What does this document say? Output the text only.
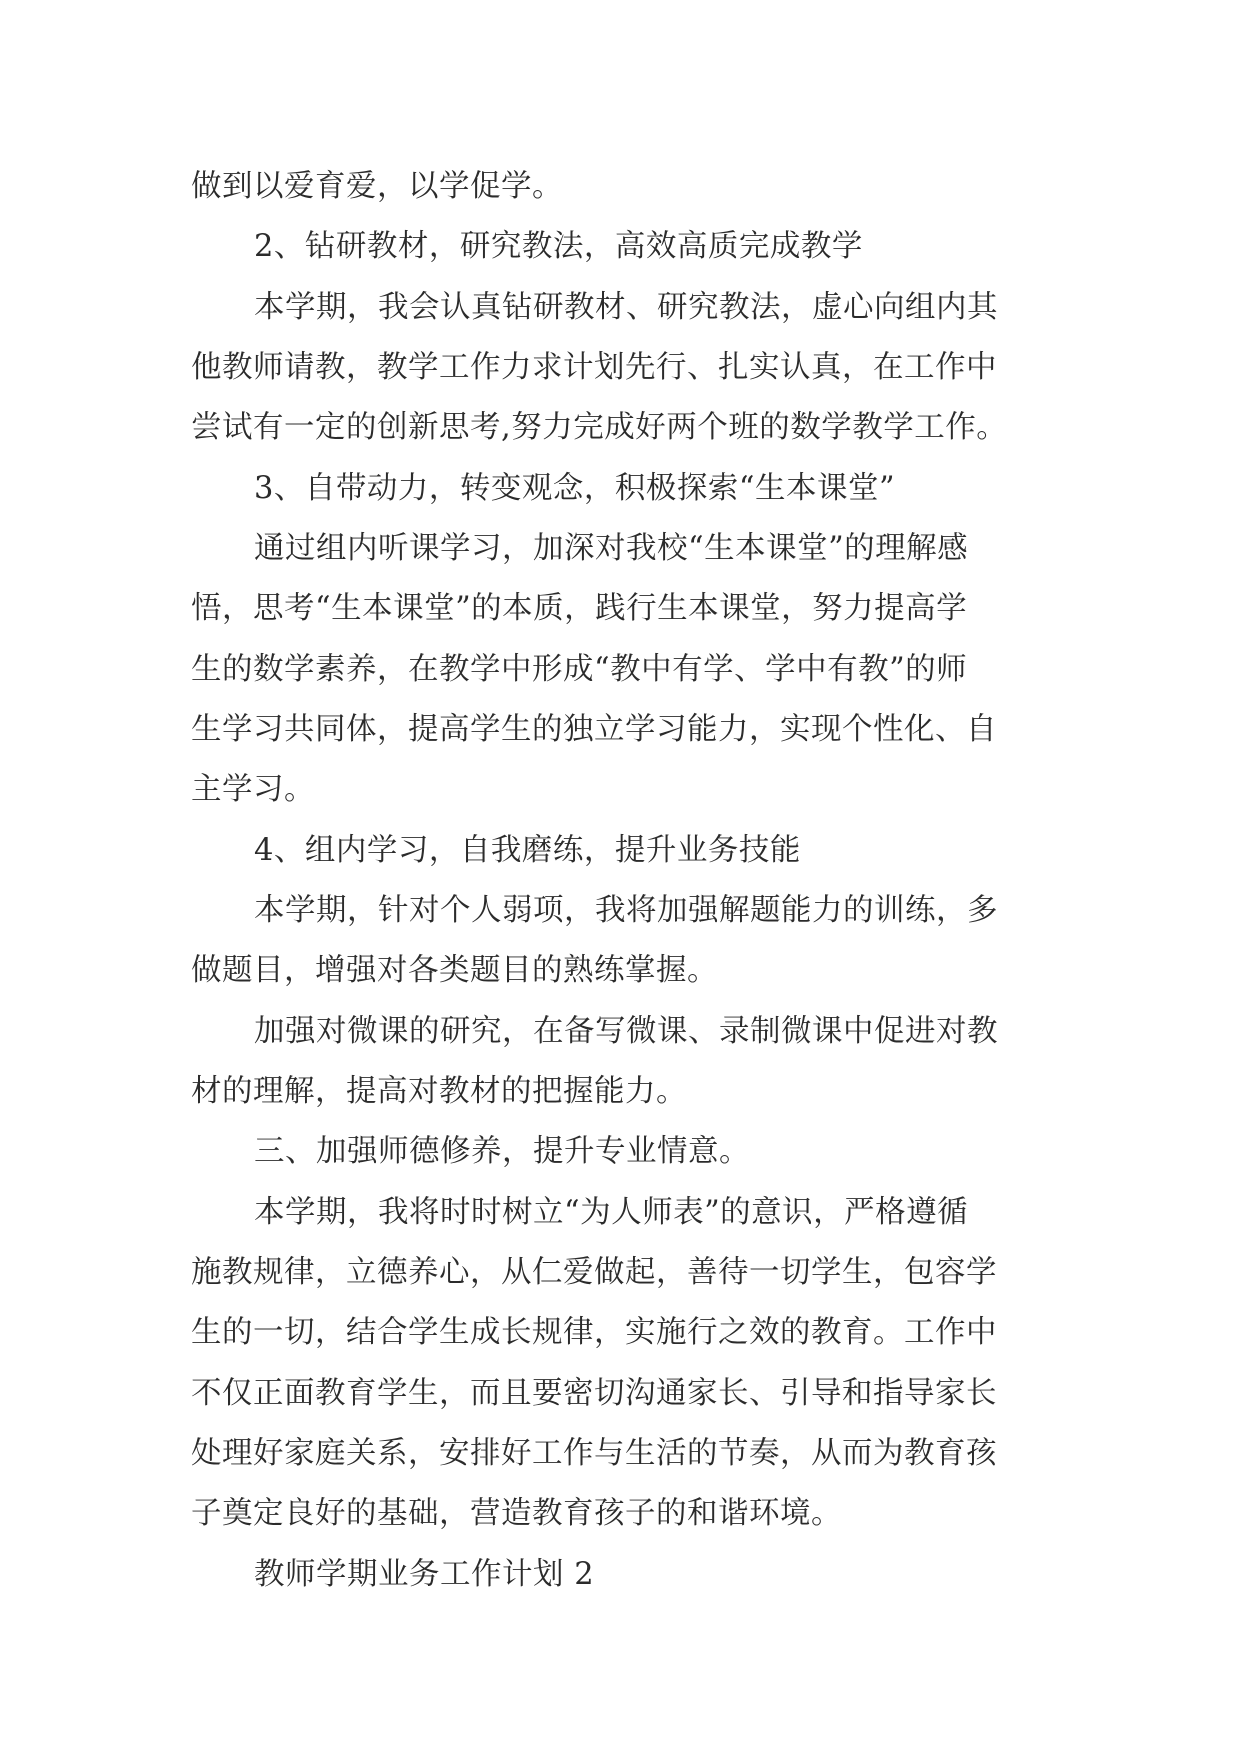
做到以爱育爱，以学促学。
2、钻研教材，研究教法，高效高质完成教学
本学期，我会认真钻研教材、研究教法，虚心向组内其
他教师请教，教学工作力求计划先行、扎实认真，在工作中
尝试有一定的创新思考,努力完成好两个班的数学教学工作。
3、自带动力，转变观念，积极探索“生本课堂”
通过组内听课学习，加深对我校“生本课堂”的理解感
悟，思考“生本课堂”的本质，践行生本课堂，努力提高学
生的数学素养，在教学中形成“教中有学、学中有教”的师
生学习共同体，提高学生的独立学习能力，实现个性化、自
主学习。
4、组内学习，自我磨练，提升业务技能
本学期，针对个人弱项，我将加强解题能力的训练，多
做题目，增强对各类题目的熟练掌握。
加强对微课的研究，在备写微课、录制微课中促进对教
材的理解，提高对教材的把握能力。
三、加强师德修养，提升专业情意。
本学期，我将时时树立“为人师表”的意识，严格遵循
施教规律，立德养心，从仁爱做起，善待一切学生，包容学
生的一切，结合学生成长规律，实施行之效的教育。工作中
不仅正面教育学生，而且要密切沟通家长、引导和指导家长
处理好家庭关系，安排好工作与生活的节奏，从而为教育孩
子奠定良好的基础，营造教育孩子的和谐环境。
教师学期业务工作计划 2
